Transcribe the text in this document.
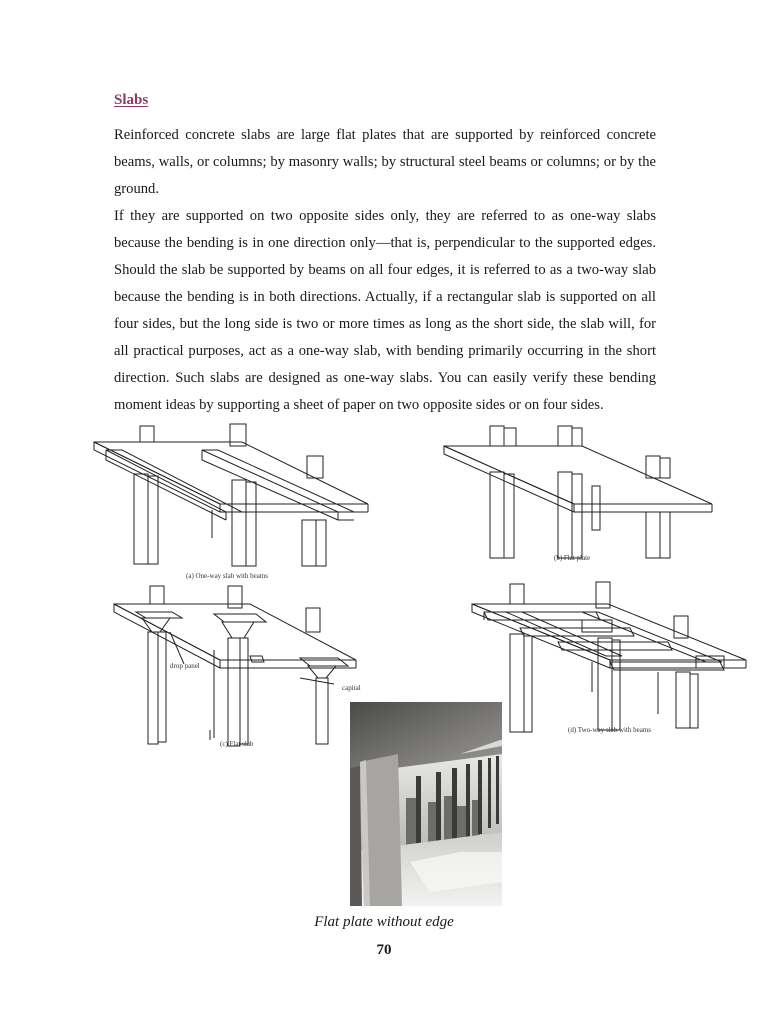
Slabs

Reinforced concrete slabs are large flat plates that are supported by reinforced concrete beams, walls, or columns; by masonry walls; by structural steel beams or columns; or by the ground.

If they are supported on two opposite sides only, they are referred to as one-way slabs because the bending is in one direction only—that is, perpendicular to the supported edges. Should the slab be supported by beams on all four edges, it is referred to as a two-way slab because the bending is in both directions. Actually, if a rectangular slab is supported on all four sides, but the long side is two or more times as long as the short side, the slab will, for all practical purposes, act as a one-way slab, with bending primarily occurring in the short direction. Such slabs are designed as one-way slabs. You can easily verify these bending moment ideas by supporting a sheet of paper on two opposite sides or on four sides.

(a) One-way slab with beams
(b) Flat plate
drop panel
capital
(c) Flat slab
(d) Two-way slab with beams
Flat plate without edge
70
